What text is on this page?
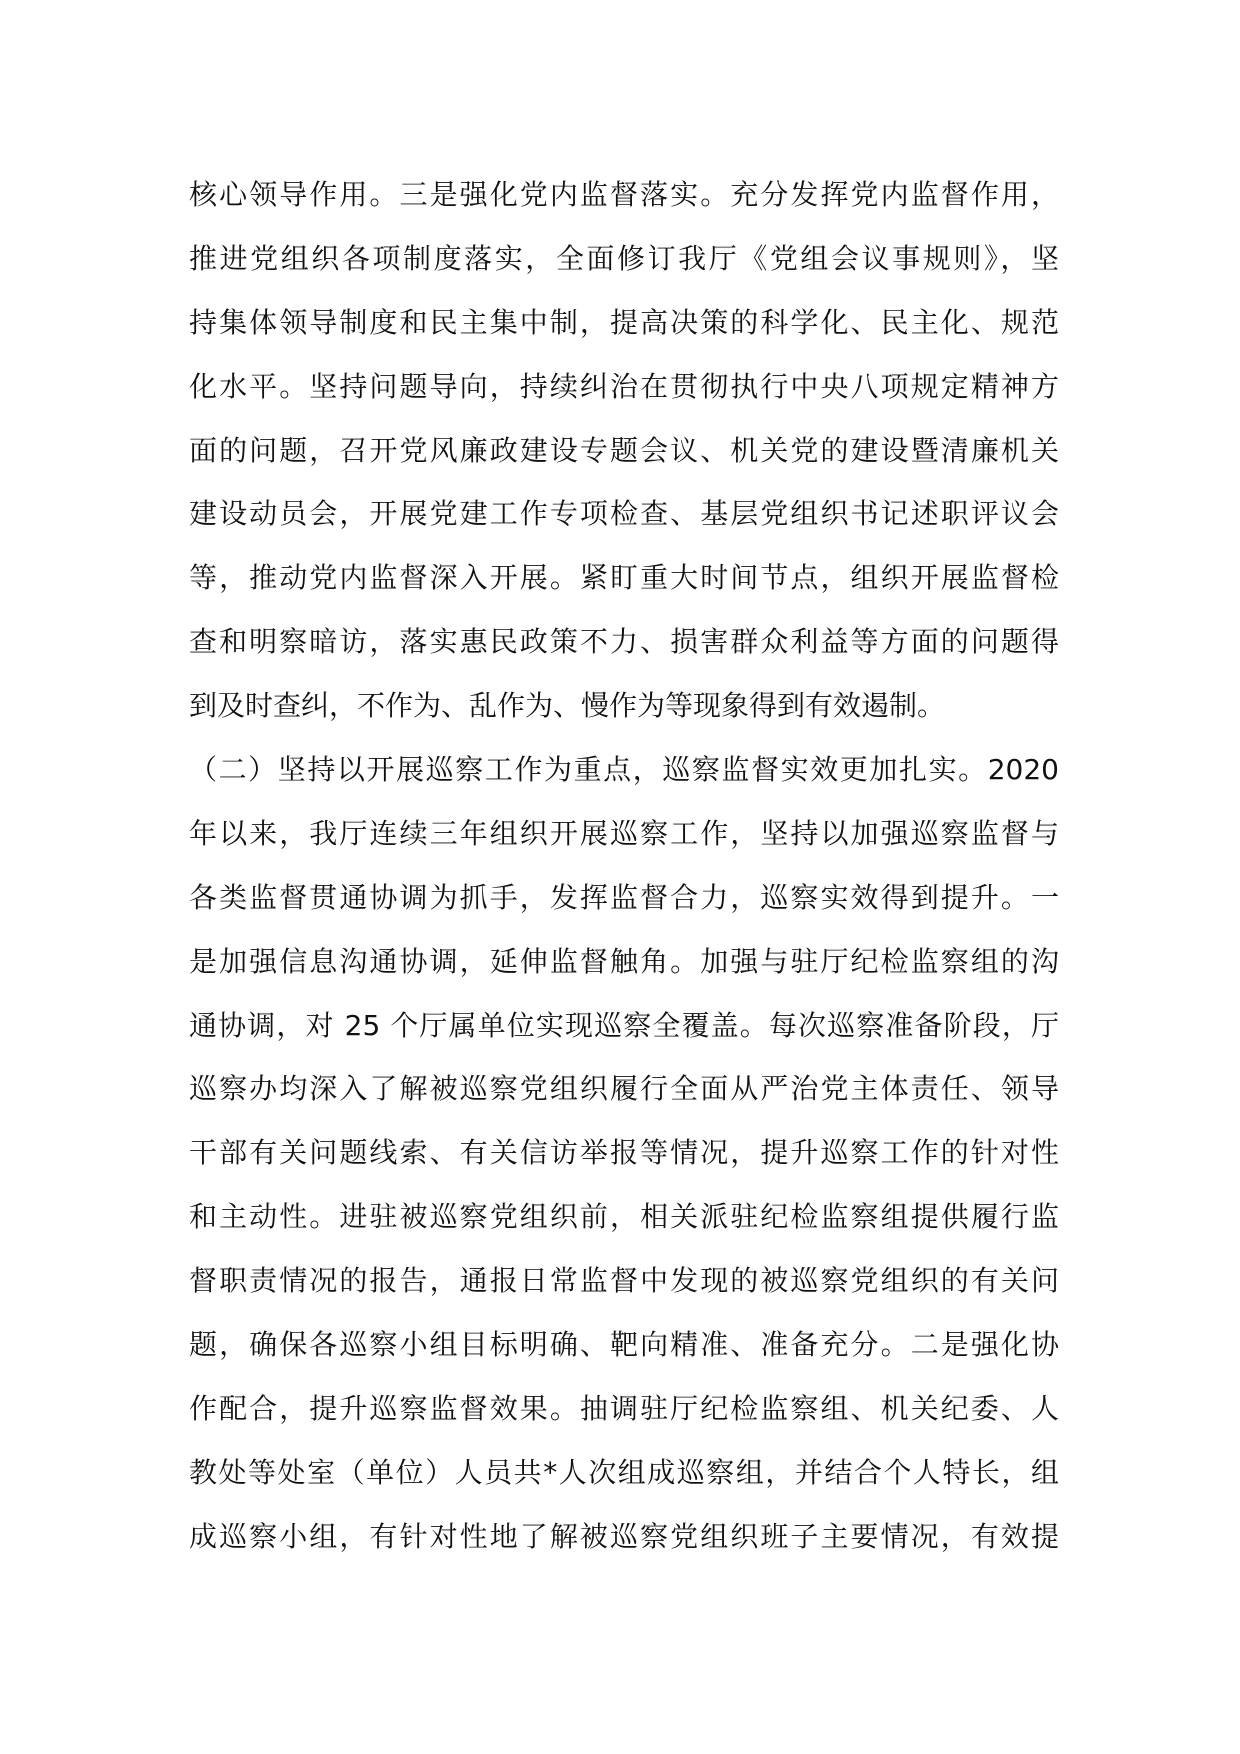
核心领导作用。三是强化党内监督落实。充分发挥党内监督作用，
推进党组织各项制度落实，全面修订我厅《党组会议事规则》，坚
持集体领导制度和民主集中制，提高决策的科学化、民主化、规范
化水平。坚持问题导向，持续纠治在贯彻执行中央八项规定精神方
面的问题，召开党风廉政建设专题会议、机关党的建设暨清廉机关
建设动员会，开展党建工作专项检查、基层党组织书记述职评议会
等，推动党内监督深入开展。紧盯重大时间节点，组织开展监督检
查和明察暗访，落实惠民政策不力、损害群众利益等方面的问题得
到及时查纠，不作为、乱作为、慢作为等现象得到有效遏制。
（二）坚持以开展巡察工作为重点，巡察监督实效更加扎实。2020
年以来，我厅连续三年组织开展巡察工作，坚持以加强巡察监督与
各类监督贯通协调为抓手，发挥监督合力，巡察实效得到提升。一
是加强信息沟通协调，延伸监督触角。加强与驻厅纪检监察组的沟
通协调，对 25 个厅属单位实现巡察全覆盖。每次巡察准备阶段，厅
巡察办均深入了解被巡察党组织履行全面从严治党主体责任、领导
干部有关问题线索、有关信访举报等情况，提升巡察工作的针对性
和主动性。进驻被巡察党组织前，相关派驻纪检监察组提供履行监
督职责情况的报告，通报日常监督中发现的被巡察党组织的有关问
题，确保各巡察小组目标明确、靶向精准、准备充分。二是强化协
作配合，提升巡察监督效果。抽调驻厅纪检监察组、机关纪委、人
教处等处室（单位）人员共*人次组成巡察组，并结合个人特长，组
成巡察小组，有针对性地了解被巡察党组织班子主要情况，有效提
